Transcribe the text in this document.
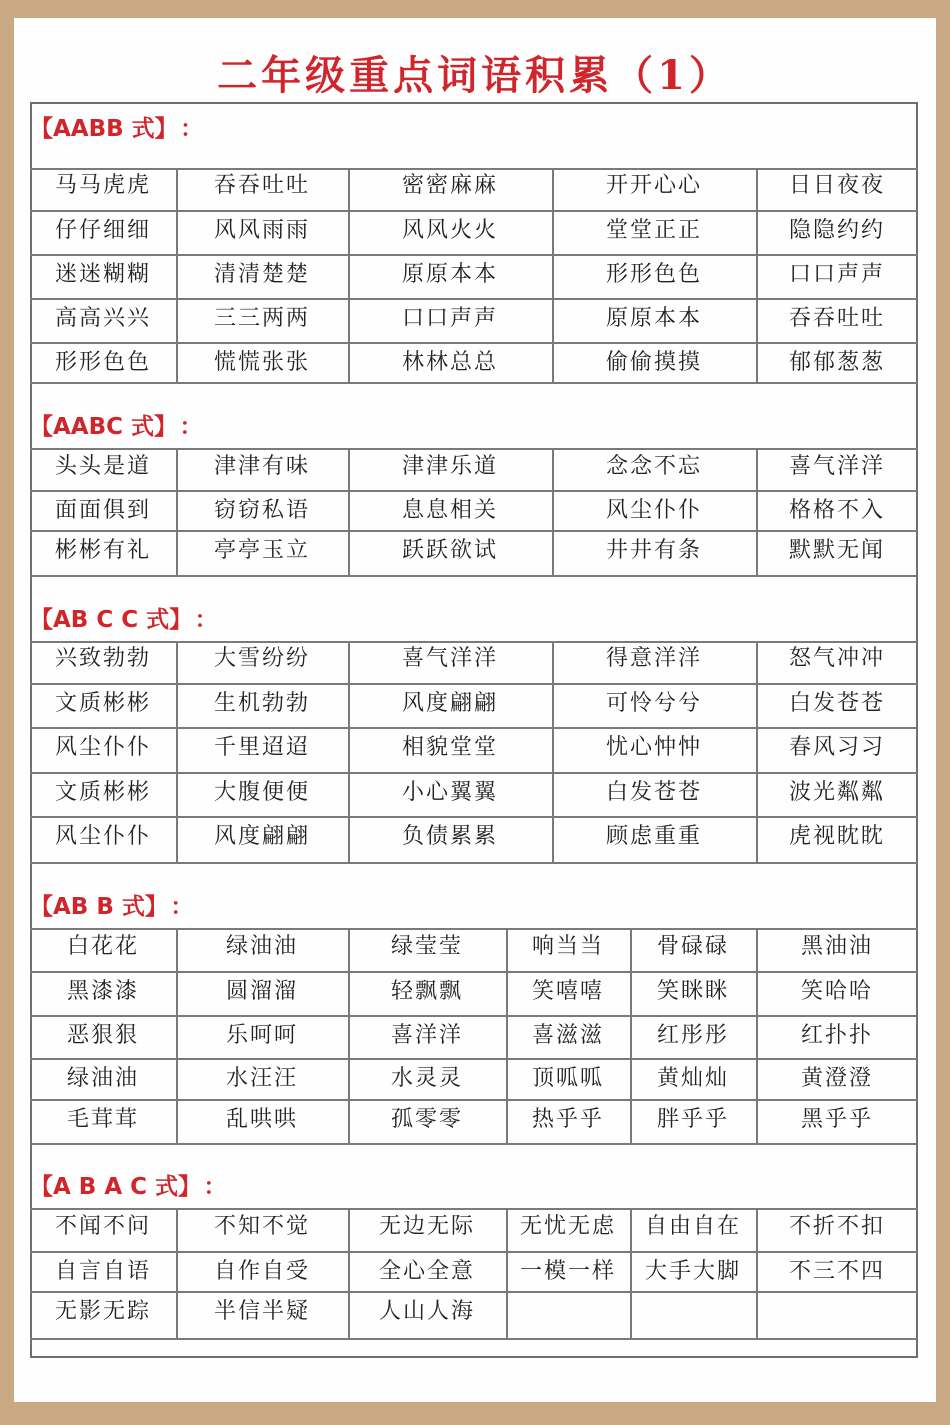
二年级重点词语积累（1）
【AABB 式】 ：
马马虎虎	吞吞吐吐	密密麻麻	开开心心	日日夜夜
仔仔细细	风风雨雨	风风火火	堂堂正正	隐隐约约
迷迷糊糊	清清楚楚	原原本本	形形色色	口口声声
高高兴兴	三三两两	口口声声	原原本本	吞吞吐吐
形形色色	慌慌张张	林林总总	偷偷摸摸	郁郁葱葱
【AABC 式】 ：
头头是道	津津有味	津津乐道	念念不忘	喜气洋洋
面面俱到	窃窃私语	息息相关	风尘仆仆	格格不入
彬彬有礼	亭亭玉立	跃跃欲试	井井有条	默默无闻
【AB C C 式】 ：
兴致勃勃	大雪纷纷	喜气洋洋	得意洋洋	怒气冲冲
文质彬彬	生机勃勃	风度翩翩	可怜兮兮	白发苍苍
风尘仆仆	千里迢迢	相貌堂堂	忧心忡忡	春风习习
文质彬彬	大腹便便	小心翼翼	白发苍苍	波光粼粼
风尘仆仆	风度翩翩	负债累累	顾虑重重	虎视眈眈
【AB B 式】 ：
白花花	绿油油	绿莹莹	响当当	骨碌碌	黑油油
黑漆漆	圆溜溜	轻飘飘	笑嘻嘻	笑眯眯	笑哈哈
恶狠狠	乐呵呵	喜洋洋	喜滋滋	红彤彤	红扑扑
绿油油	水汪汪	水灵灵	顶呱呱	黄灿灿	黄澄澄
毛茸茸	乱哄哄	孤零零	热乎乎	胖乎乎	黑乎乎
【A B A C 式】 ：
不闻不问	不知不觉	无边无际	无忧无虑	自由自在	不折不扣
自言自语	自作自受	全心全意	一模一样	大手大脚	不三不四
无影无踪	半信半疑	人山人海
